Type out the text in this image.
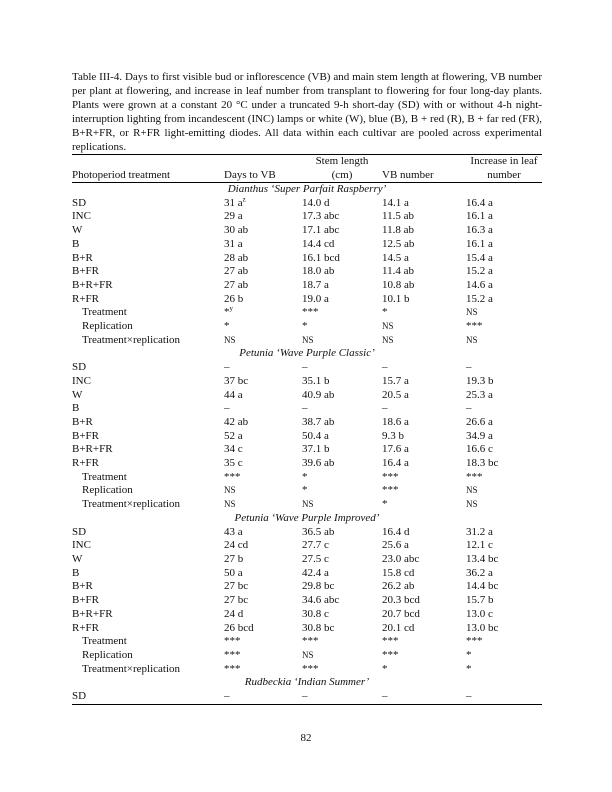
Table III-4. Days to first visible bud or inflorescence (VB) and main stem length at flowering, VB number per plant at flowering, and increase in leaf number from transplant to flowering for four long-day plants. Plants were grown at a constant 20 °C under a truncated 9-h short-day (SD) with or without 4-h night-interruption lighting from incandescent (INC) lamps or white (W), blue (B), B + red (R), B + far red (FR), B+R+FR, or R+FR light-emitting diodes. All data within each cultivar are pooled across experimental replications.
		Stem length		Increase in leaf
Photoperiod treatment	Days to VB	(cm)	VB number	number
Dianthus ‘Super Parfait Raspberry’				
SD	31 $a^z$	14.0 d	14.1 a	16.4 a
INC	29 a	17.3 abc	11.5 ab	16.1 a
W	30 ab	17.1 abc	11.8 ab	16.3 a
B	31 a	14.4 cd	12.5 ab	16.1 a
B+R	28 ab	16.1 bcd	14.5 a	15.4 a
B+FR	27 ab	18.0 ab	11.4 ab	15.2 a
B+R+FR	27 ab	18.7 a	10.8 ab	14.6 a
R+FR	26 b	19.0 a	10.1 b	15.2 a
Treatment	*$^y$	***	*	NS
Replication	*	*	NS	***
Treatment×replication	NS	NS	NS	NS
Petunia ‘Wave Purple Classic’				
SD	–	–	–	–
INC	37 bc	35.1 b	15.7 a	19.3 b
W	44 a	40.9 ab	20.5 a	25.3 a
B	–	–	–	–
B+R	42 ab	38.7 ab	18.6 a	26.6 a
B+FR	52 a	50.4 a	9.3 b	34.9 a
B+R+FR	34 c	37.1 b	17.6 a	16.6 c
R+FR	35 c	39.6 ab	16.4 a	18.3 bc
Treatment	***	*	***	***
Replication	NS	*	***	NS
Treatment×replication	NS	NS	*	NS
Petunia ‘Wave Purple Improved’				
SD	43 a	36.5 ab	16.4 d	31.2 a
INC	24 cd	27.7 c	25.6 a	12.1 c
W	27 b	27.5 c	23.0 abc	13.4 bc
B	50 a	42.4 a	15.8 cd	36.2 a
B+R	27 bc	29.8 bc	26.2 ab	14.4 bc
B+FR	27 bc	34.6 abc	20.3 bcd	15.7 b
B+R+FR	24 d	30.8 c	20.7 bcd	13.0 c
R+FR	26 bcd	30.8 bc	20.1 cd	13.0 bc
Treatment	***	***	***	***
Replication	***	NS	***	*
Treatment×replication	***	***	*	*
Rudbeckia ‘Indian Summer’				
SD	–	–	–	–
82
